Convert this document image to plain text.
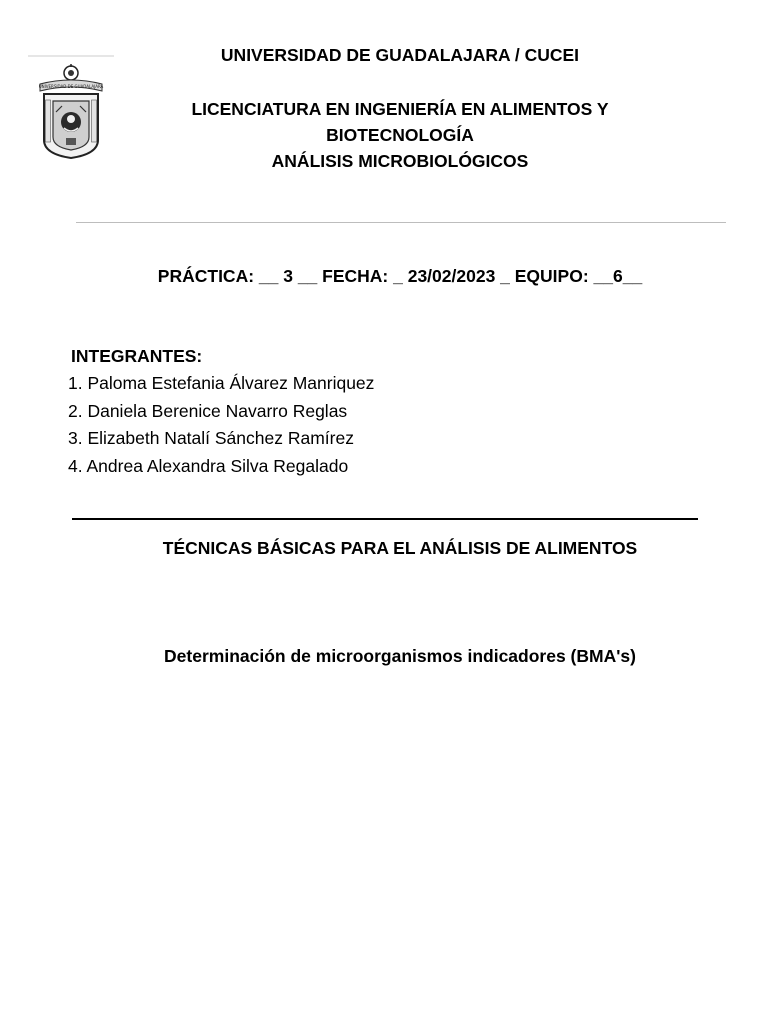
UNIVERSIDAD DE GUADALAJARA
UNIVERSIDAD DE GUADALAJARA / CUCEI
LICENCIATURA EN INGENIERÍA EN ALIMENTOS Y
BIOTECNOLOGÍA
ANÁLISIS MICROBIOLÓGICOS
PRÁCTICA: __ 3 __ FECHA: _ 23/02/2023 _ EQUIPO: __6__
INTEGRANTES:
1. Paloma Estefania Álvarez Manriquez
2. Daniela Berenice Navarro Reglas
3. Elizabeth Natalí Sánchez Ramírez
4. Andrea Alexandra Silva Regalado
TÉCNICAS BÁSICAS PARA EL ANÁLISIS DE ALIMENTOS
Determinación de microorganismos indicadores (BMA's)
